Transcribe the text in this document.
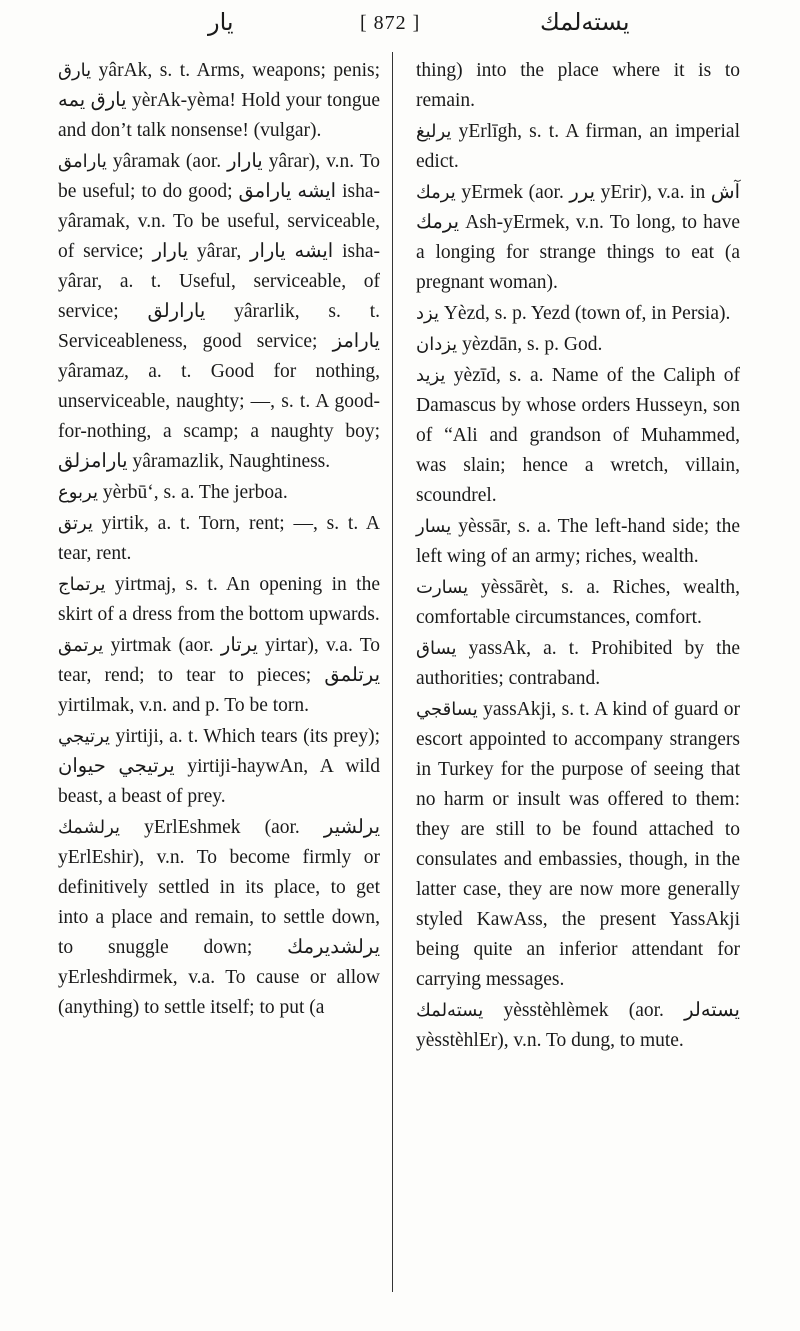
يار	[ 872 ]	يسته‌لمك
يارق yârAk, s. t. Arms, weapons; penis; يارق يمه yèrAk-yèma! Hold your tongue and don’t talk nonsense! (vulgar).
يارامق yâramak (aor. يارار yârar), v.n. To be useful; to do good; ايشه يارامق isha-yâramak, v.n. To be useful, serviceable, of service; يارار yârar, ايشه يارار isha-yârar, a. t. Useful, serviceable, of service; يارارلق yârarlik, s. t. Serviceableness, good service; يارامز yâramaz, a. t. Good for nothing, unserviceable, naughty; —, s. t. A good-for-nothing, a scamp; a naughty boy; يارامزلق yâramazlik, Naughtiness.
يربوع yèrbū‘, s. a. The jerboa.
يرتق yirtik, a. t. Torn, rent; —, s. t. A tear, rent.
يرتماج yirtmaj, s. t. An opening in the skirt of a dress from the bottom upwards.
يرتمق yirtmak (aor. يرتار yirtar), v.a. To tear, rend; to tear to pieces; يرتلمق yirtilmak, v.n. and p. To be torn.
يرتيجي yirtiji, a. t. Which tears (its prey); يرتيجي حيوان yirtiji-haywAn, A wild beast, a beast of prey.
يرلشمك yErlEshmek (aor. يرلشير yErlEshir), v.n. To become firmly or definitively settled in its place, to get into a place and remain, to settle down, to snuggle down; يرلشديرمك yErleshdirmek, v.a. To cause or allow (anything) to settle itself; to put (a
thing) into the place where it is to remain.
يرليغ yErlīgh, s. t. A firman, an imperial edict.
يرمك yErmek (aor. يرر yErir), v.a. in آش يرمك Ash-yErmek, v.n. To long, to have a longing for strange things to eat (a pregnant woman).
يزد Yèzd, s. p. Yezd (town of, in Persia).
يزدان yèzdān, s. p. God.
يزيد yèzīd, s. a. Name of the Caliph of Damascus by whose orders Husseyn, son of “Ali and grandson of Muhammed, was slain; hence a wretch, villain, scoundrel.
يسار yèssār, s. a. The left-hand side; the left wing of an army; riches, wealth.
يسارت yèssārèt, s. a. Riches, wealth, comfortable circumstances, comfort.
يساق yassAk, a. t. Prohibited by the authorities; contraband.
يساقجي yassAkji, s. t. A kind of guard or escort appointed to accompany strangers in Turkey for the purpose of seeing that no harm or insult was offered to them: they are still to be found attached to consulates and embassies, though, in the latter case, they are now more generally styled KawAss, the present YassAkji being quite an inferior attendant for carrying messages.
يسته‌لمك yèsstèhlèmek (aor. يسته‌لر yèsstèhlEr), v.n. To dung, to mute.
